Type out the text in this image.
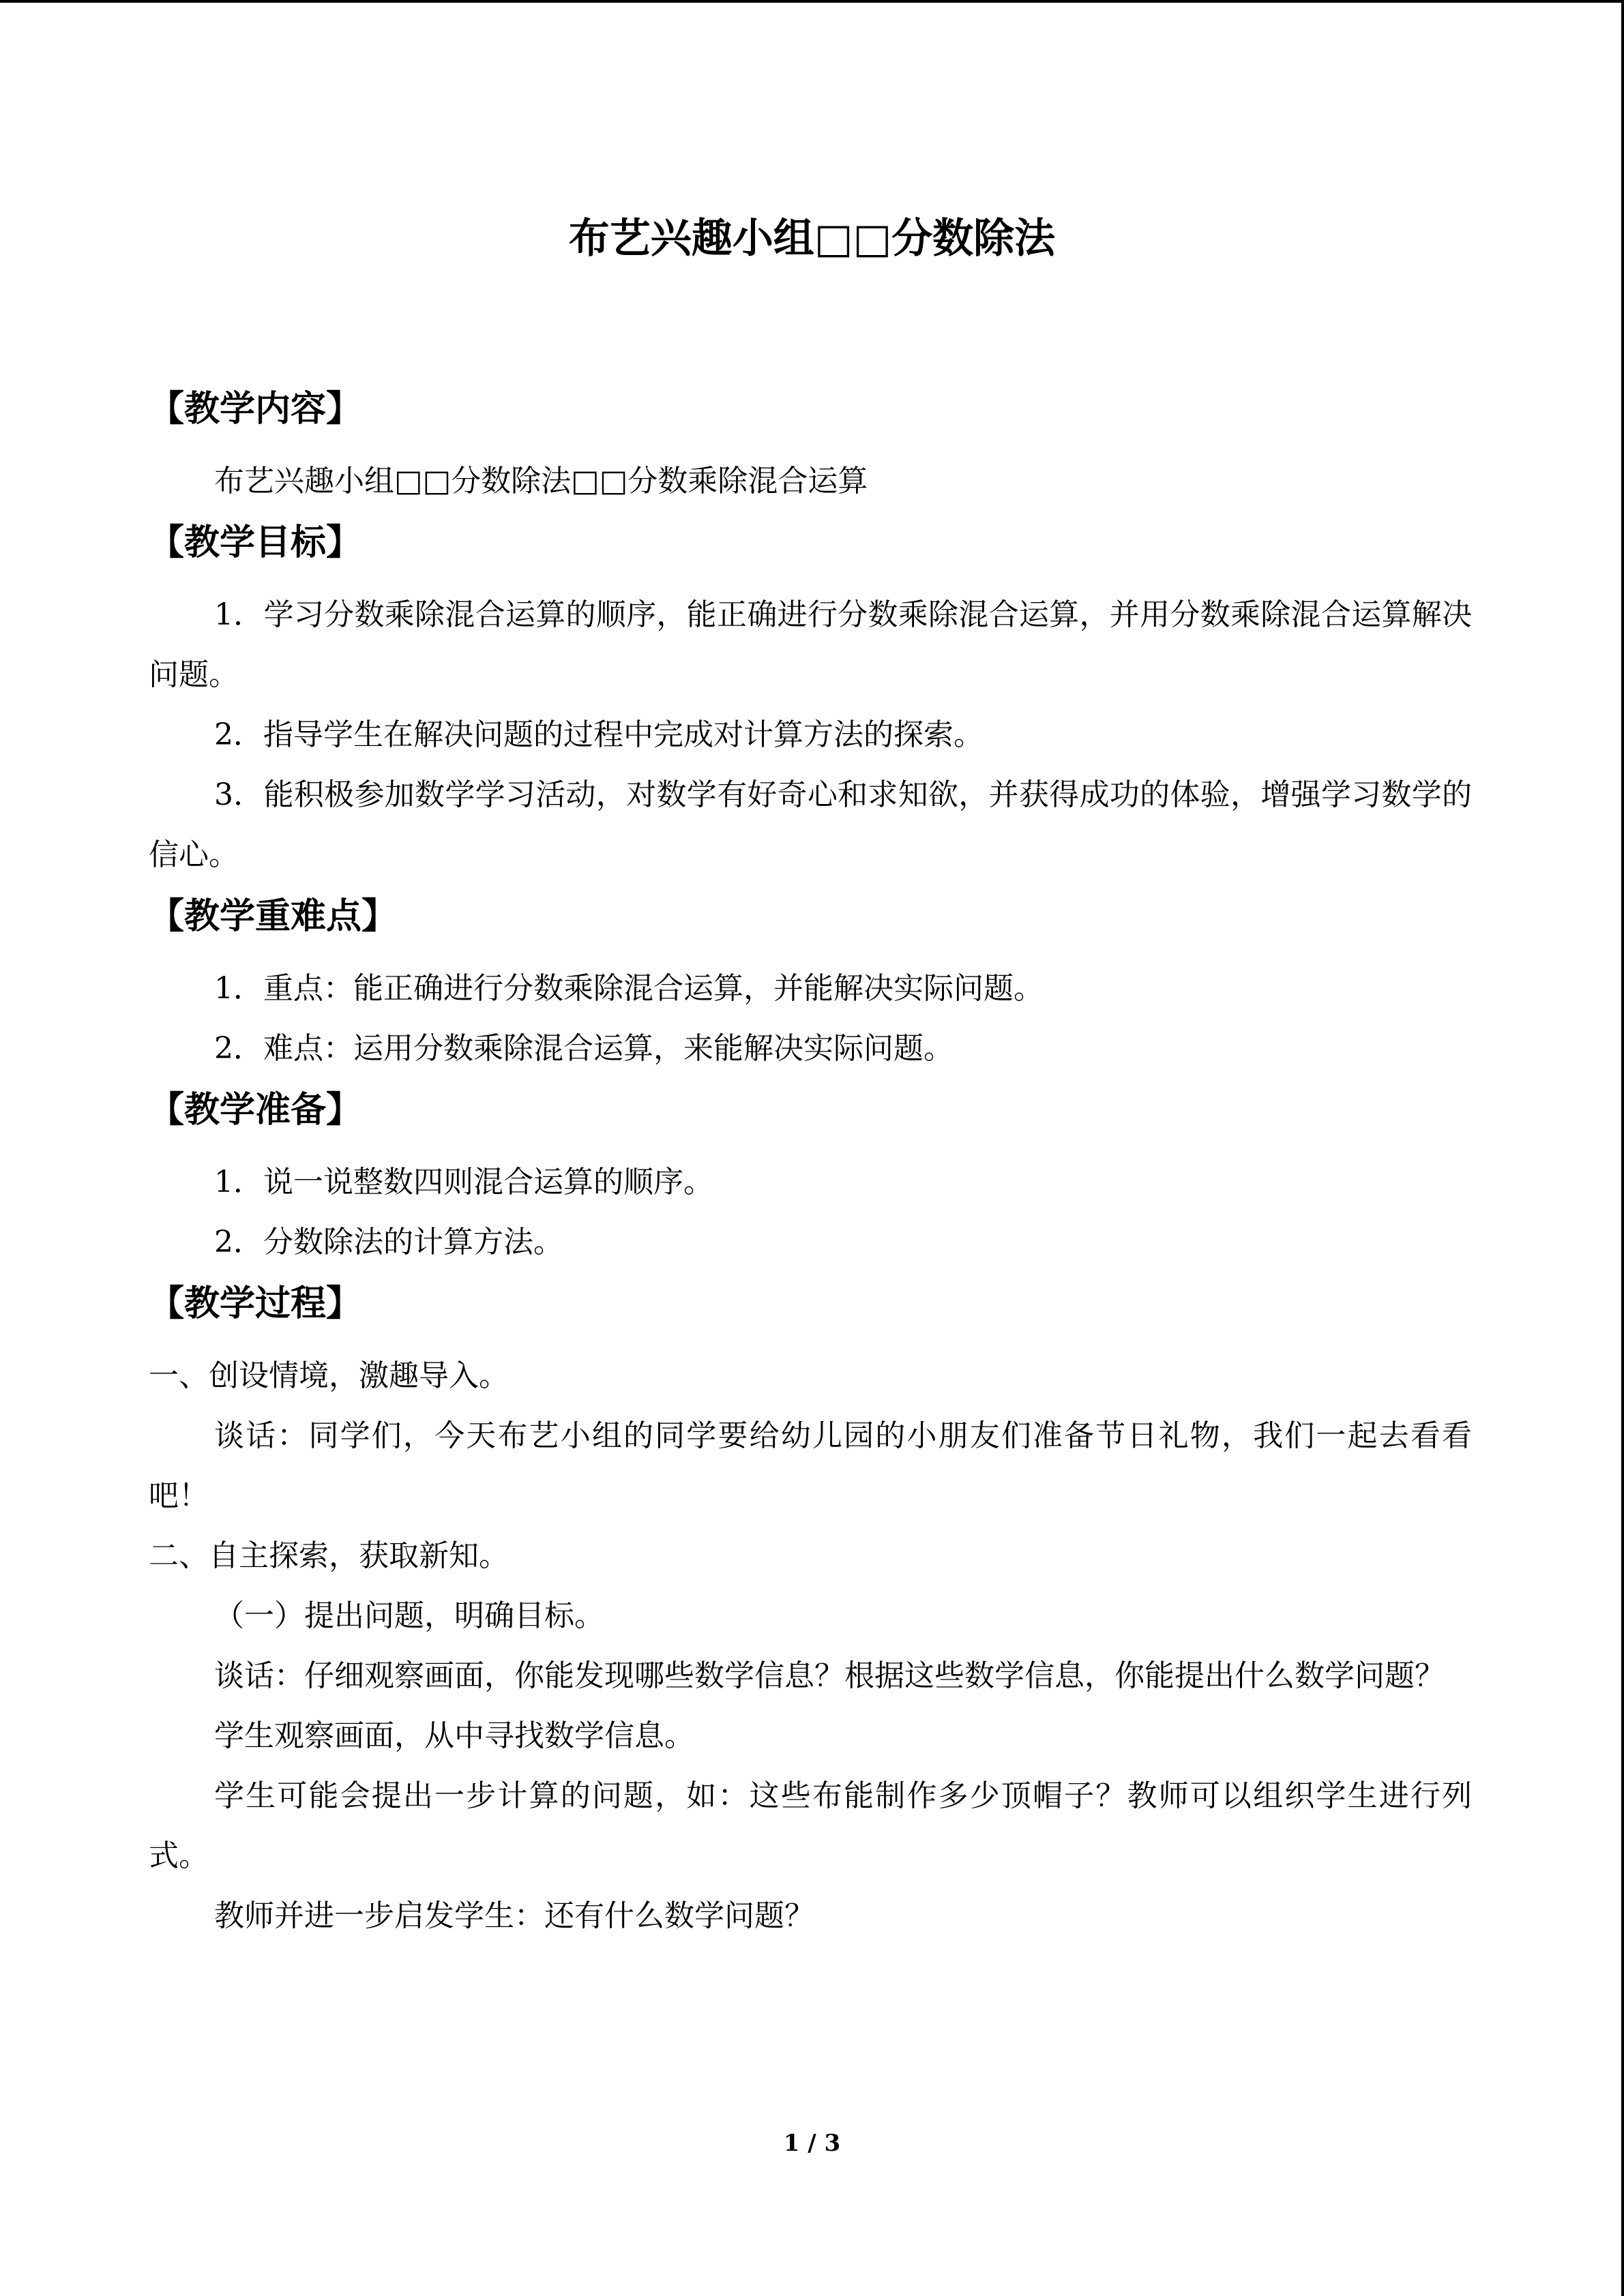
布艺兴趣小组□□分数除法
【教学内容】

布艺兴趣小组□□分数除法□□分数乘除混合运算

【教学目标】

1．学习分数乘除混合运算的顺序，能正确进行分数乘除混合运算，并用分数乘除混合运算解决问题。

2．指导学生在解决问题的过程中完成对计算方法的探索。

3．能积极参加数学学习活动，对数学有好奇心和求知欲，并获得成功的体验，增强学习数学的信心。

【教学重难点】

1．重点：能正确进行分数乘除混合运算，并能解决实际问题。

2．难点：运用分数乘除混合运算，来能解决实际问题。

【教学准备】

1．说一说整数四则混合运算的顺序。

2．分数除法的计算方法。

【教学过程】

一、创设情境，激趣导入。

谈话：同学们，今天布艺小组的同学要给幼儿园的小朋友们准备节日礼物，我们一起去看看吧！

二、自主探索，获取新知。

（一）提出问题，明确目标。

谈话：仔细观察画面，你能发现哪些数学信息？根据这些数学信息，你能提出什么数学问题？

学生观察画面，从中寻找数学信息。

学生可能会提出一步计算的问题，如：这些布能制作多少顶帽子？教师可以组织学生进行列式。

教师并进一步启发学生：还有什么数学问题？

1 / 3
